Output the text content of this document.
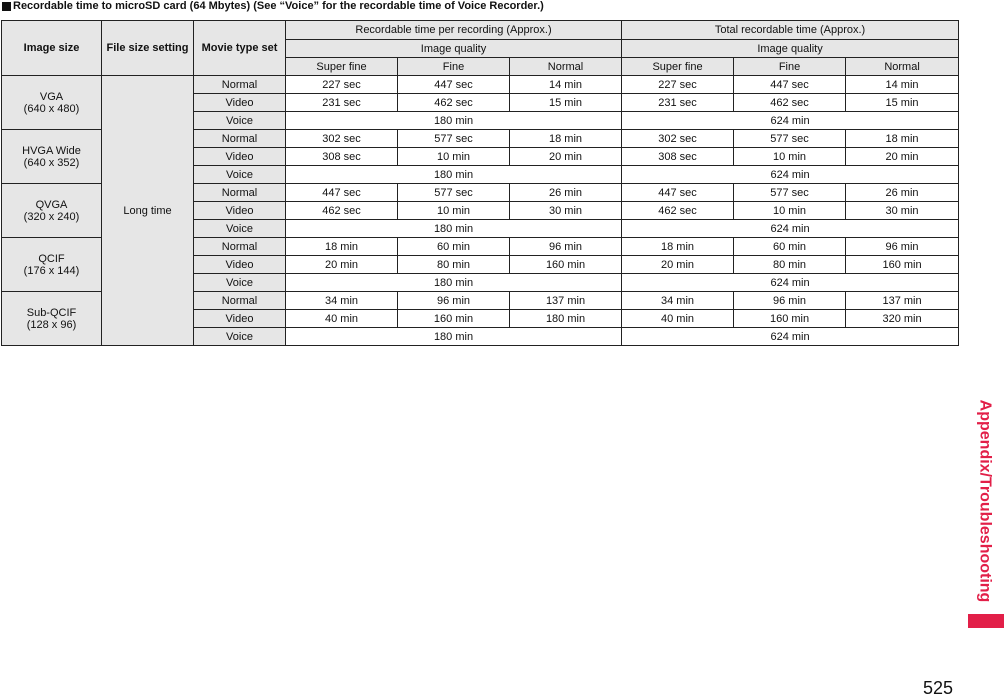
Recordable time to microSD card (64 Mbytes) (See “Voice” for the recordable time of Voice Recorder.)
Image size	File size setting	Movie type set	Recordable time per recording (Approx.)			Total recordable time (Approx.)		
			Image quality			Image quality		
			Super fine	Fine	Normal	Super fine	Fine	Normal
VGA
(640 x 480)	Long time	Normal	227 sec	447 sec	14 min	227 sec	447 sec	14 min
		Video	231 sec	462 sec	15 min	231 sec	462 sec	15 min
		Voice	180 min			624 min		
HVGA Wide
(640 x 352)		Normal	302 sec	577 sec	18 min	302 sec	577 sec	18 min
		Video	308 sec	10 min	20 min	308 sec	10 min	20 min
		Voice	180 min			624 min		
QVGA
(320 x 240)		Normal	447 sec	577 sec	26 min	447 sec	577 sec	26 min
		Video	462 sec	10 min	30 min	462 sec	10 min	30 min
		Voice	180 min			624 min		
QCIF
(176 x 144)		Normal	18 min	60 min	96 min	18 min	60 min	96 min
		Video	20 min	80 min	160 min	20 min	80 min	160 min
		Voice	180 min			624 min		
Sub-QCIF
(128 x 96)		Normal	34 min	96 min	137 min	34 min	96 min	137 min
		Video	40 min	160 min	180 min	40 min	160 min	320 min
		Voice	180 min			624 min		
Appendix/Troubleshooting
525
